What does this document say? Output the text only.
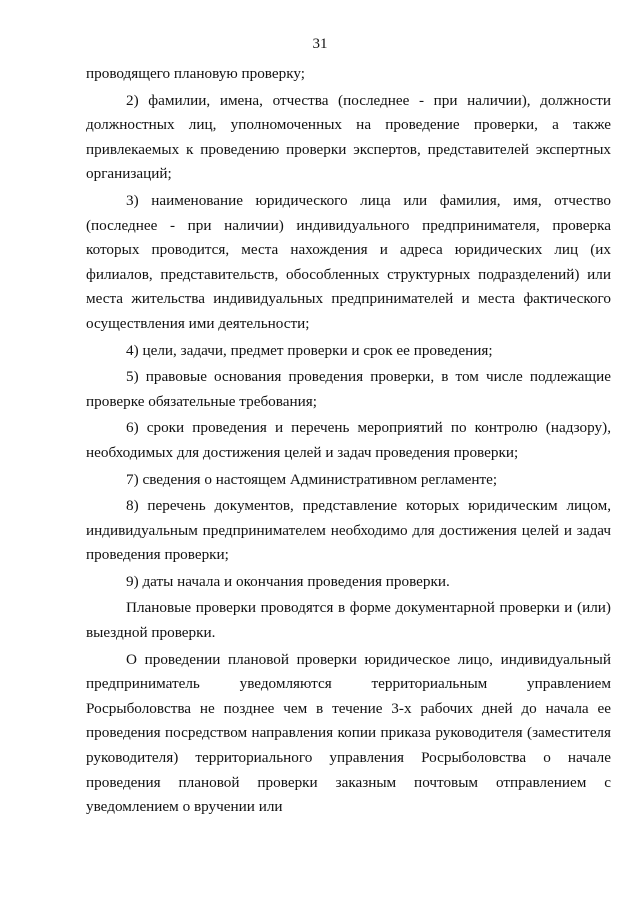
31

проводящего плановую проверку;

2) фамилии, имена, отчества (последнее - при наличии), должности должностных лиц, уполномоченных на проведение проверки, а также привлекаемых к проведению проверки экспертов, представителей экспертных организаций;

3) наименование юридического лица или фамилия, имя, отчество (последнее - при наличии) индивидуального предпринимателя, проверка которых проводится, места нахождения и адреса юридических лиц (их филиалов, представительств, обособленных структурных подразделений) или места жительства индивидуальных предпринимателей и места фактического осуществления ими деятельности;

4) цели, задачи, предмет проверки и срок ее проведения;

5) правовые основания проведения проверки, в том числе подлежащие проверке обязательные требования;

6) сроки проведения и перечень мероприятий по контролю (надзору), необходимых для достижения целей и задач проведения проверки;

7) сведения о настоящем Административном регламенте;

8) перечень документов, представление которых юридическим лицом, индивидуальным предпринимателем необходимо для достижения целей и задач проведения проверки;

9) даты начала и окончания проведения проверки.

Плановые проверки проводятся в форме документарной проверки и (или) выездной проверки.

О проведении плановой проверки юридическое лицо, индивидуальный предприниматель уведомляются территориальным управлением Росрыболовства не позднее чем в течение 3-х рабочих дней до начала ее проведения посредством направления копии приказа руководителя (заместителя руководителя) территориального управления Росрыболовства о начале проведения плановой проверки заказным почтовым отправлением с уведомлением о вручении или
